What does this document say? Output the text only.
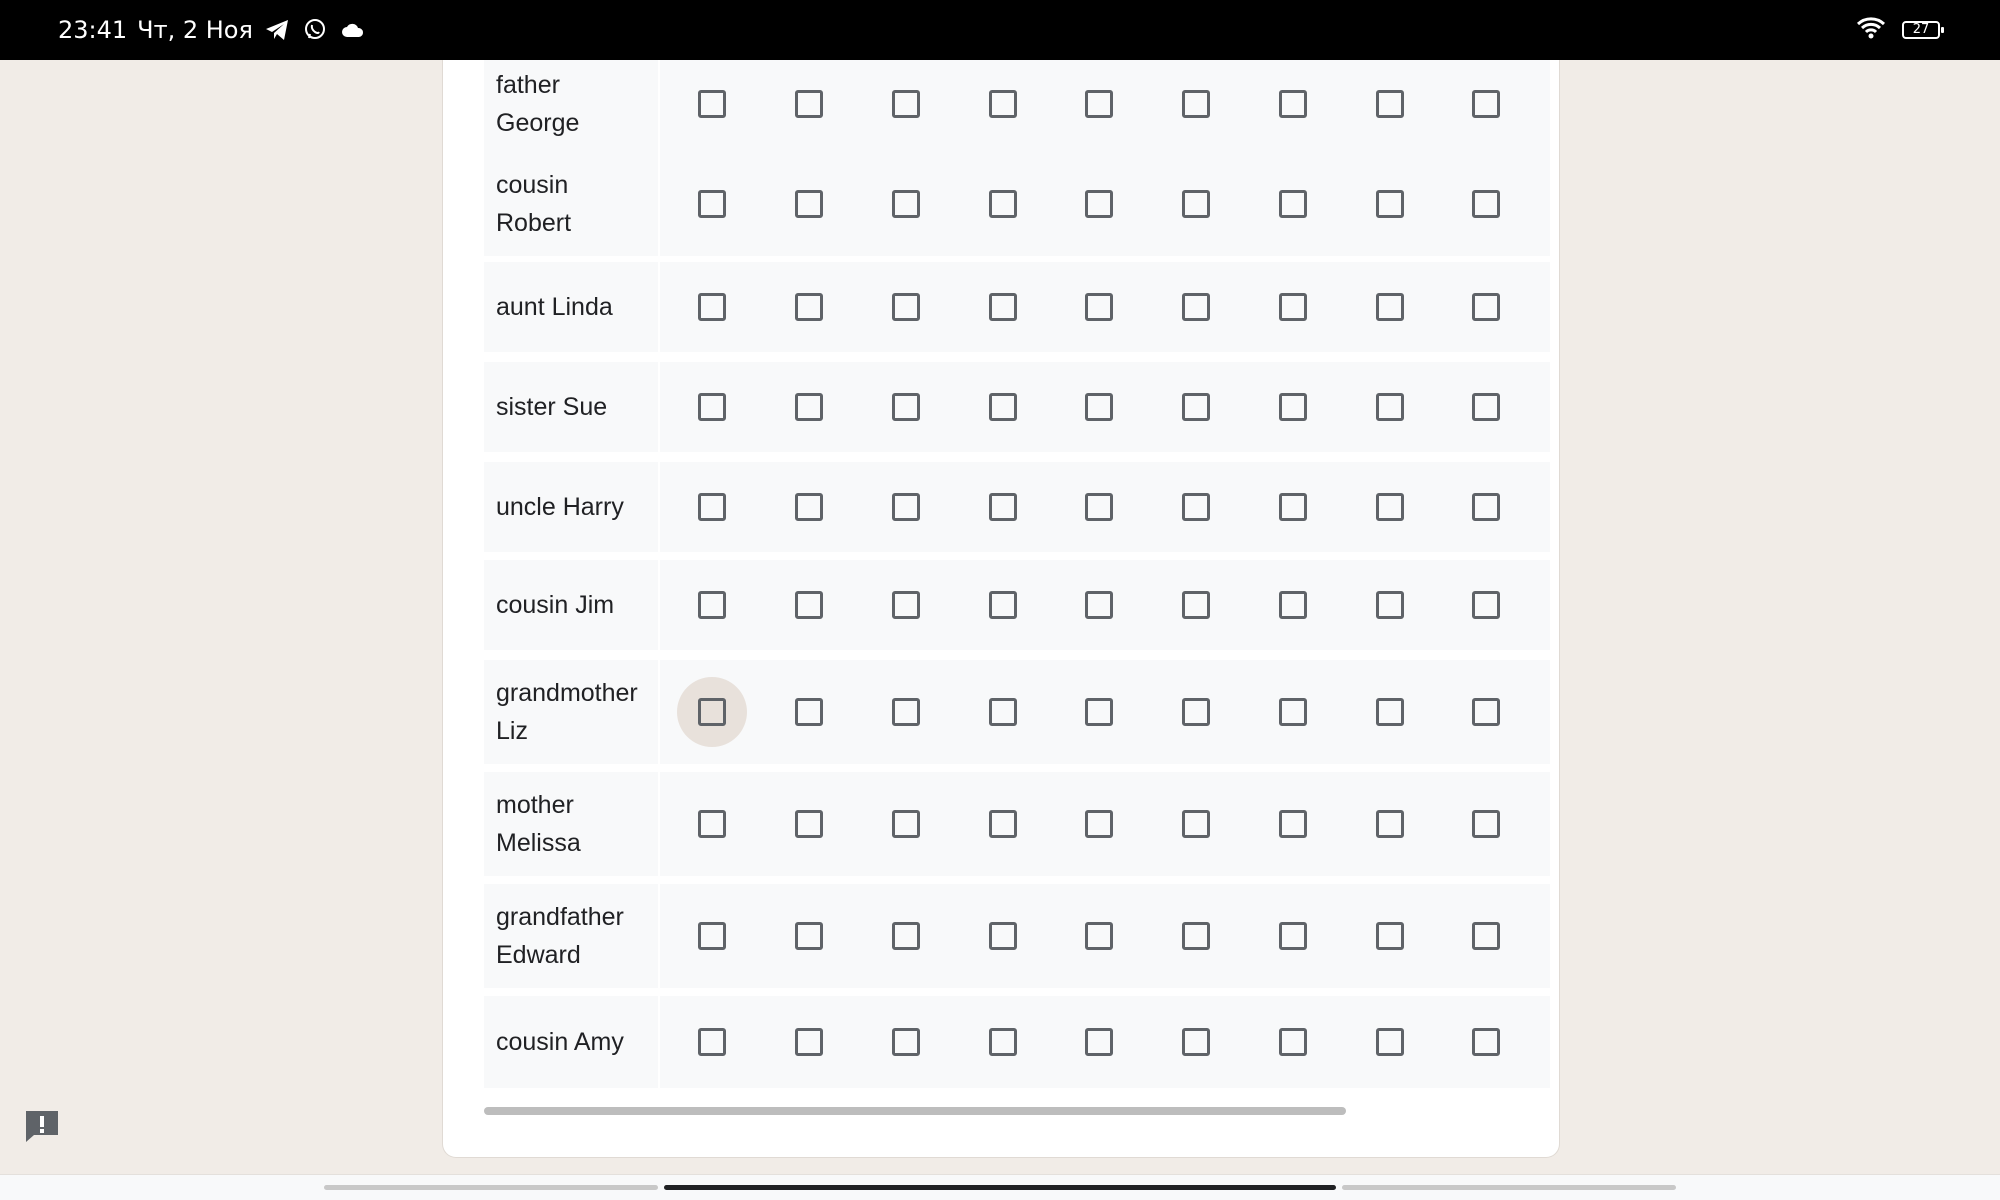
23:41 Чт, 2 Ноя	27
father George
cousin Robert
aunt Linda
sister Sue
uncle Harry
cousin Jim
grandmother Liz
mother Melissa
grandfather Edward
cousin Amy
